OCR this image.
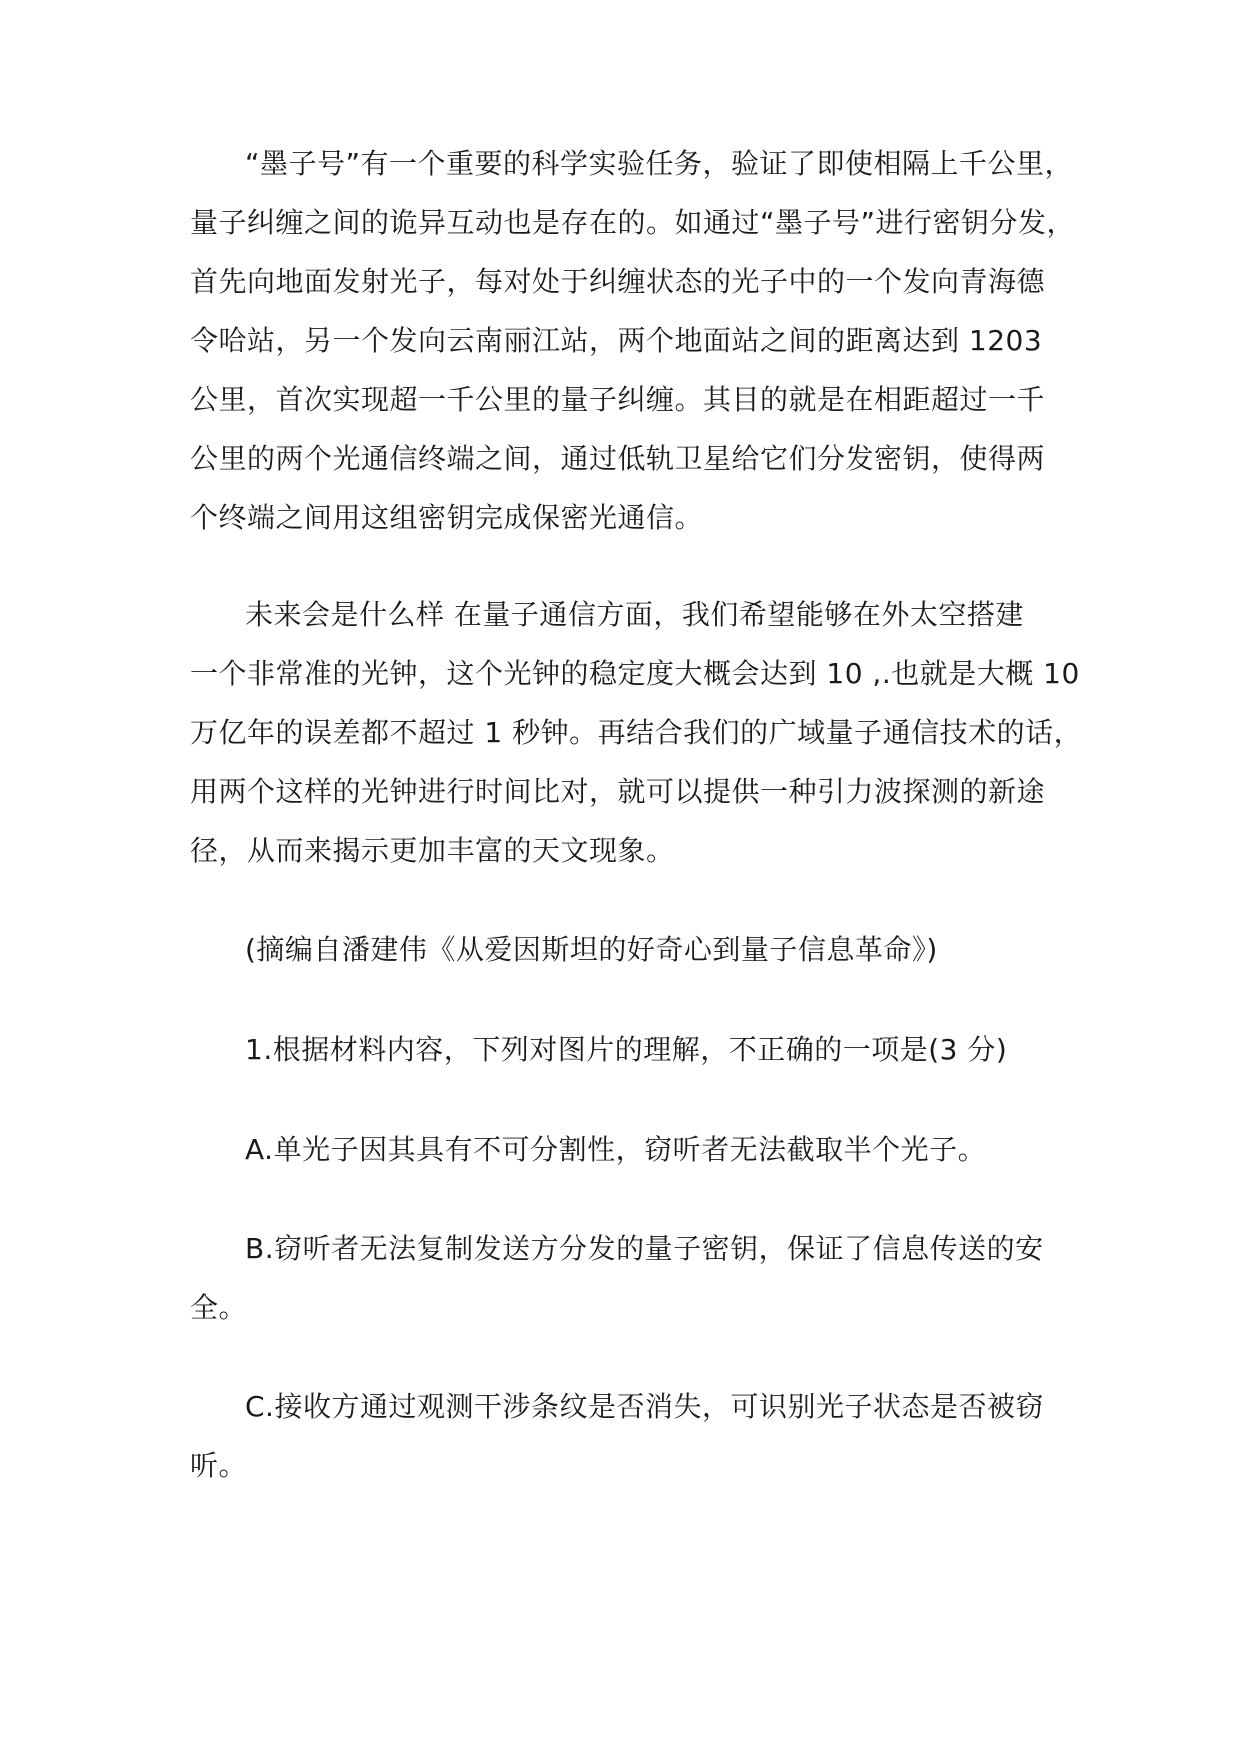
“墨子号”有一个重要的科学实验任务，验证了即使相隔上千公里，
量子纠缠之间的诡异互动也是存在的。如通过“墨子号”进行密钥分发，
首先向地面发射光子，每对处于纠缠状态的光子中的一个发向青海德
令哈站，另一个发向云南丽江站，两个地面站之间的距离达到 1203
公里，首次实现超一千公里的量子纠缠。其目的就是在相距超过一千
公里的两个光通信终端之间，通过低轨卫星给它们分发密钥，使得两
个终端之间用这组密钥完成保密光通信。
未来会是什么样 在量子通信方面，我们希望能够在外太空搭建
一个非常准的光钟，这个光钟的稳定度大概会达到 10 ,.也就是大概 10
万亿年的误差都不超过 1 秒钟。再结合我们的广域量子通信技术的话，
用两个这样的光钟进行时间比对，就可以提供一种引力波探测的新途
径，从而来揭示更加丰富的天文现象。
(摘编自潘建伟《从爱因斯坦的好奇心到量子信息革命》)
1.根据材料内容，下列对图片的理解，不正确的一项是(3 分)
A.单光子因其具有不可分割性，窃听者无法截取半个光子。
B.窃听者无法复制发送方分发的量子密钥，保证了信息传送的安
全。
C.接收方通过观测干涉条纹是否消失，可识别光子状态是否被窃
听。
